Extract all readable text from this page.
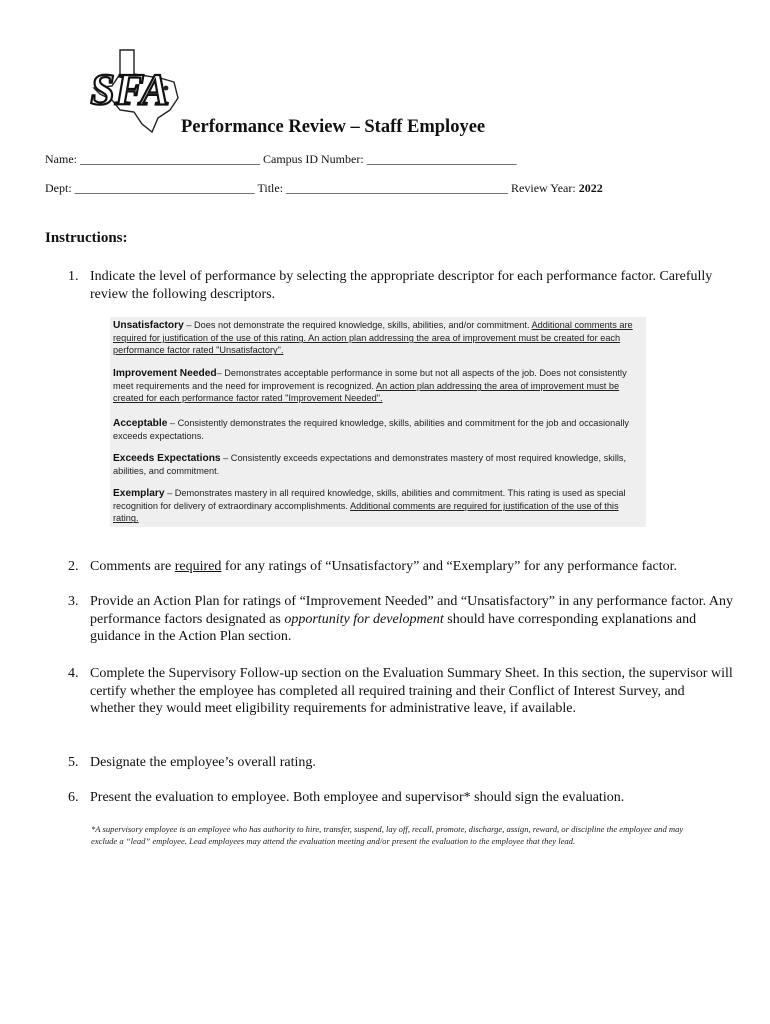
SFA
Performance Review – Staff Employee
Name: ______________________________ Campus ID Number: _________________________
Dept: ______________________________ Title: _____________________________________ Review Year: 2022
Instructions:
1. Indicate the level of performance by selecting the appropriate descriptor for each performance factor. Carefully review the following descriptors.
Unsatisfactory – Does not demonstrate the required knowledge, skills, abilities, and/or commitment. Additional comments are required for justification of the use of this rating. An action plan addressing the area of improvement must be created for each performance factor rated "Unsatisfactory".
Improvement Needed– Demonstrates acceptable performance in some but not all aspects of the job. Does not consistently meet requirements and the need for improvement is recognized. An action plan addressing the area of improvement must be created for each performance factor rated "Improvement Needed".
Acceptable – Consistently demonstrates the required knowledge, skills, abilities and commitment for the job and occasionally exceeds expectations.
Exceeds Expectations – Consistently exceeds expectations and demonstrates mastery of most required knowledge, skills, abilities, and commitment.
Exemplary – Demonstrates mastery in all required knowledge, skills, abilities and commitment. This rating is used as special recognition for delivery of extraordinary accomplishments. Additional comments are required for justification of the use of this rating.
2. Comments are required for any ratings of “Unsatisfactory” and “Exemplary” for any performance factor.
3. Provide an Action Plan for ratings of “Improvement Needed” and “Unsatisfactory” in any performance factor. Any performance factors designated as opportunity for development should have corresponding explanations and guidance in the Action Plan section.
4. Complete the Supervisory Follow-up section on the Evaluation Summary Sheet. In this section, the supervisor will certify whether the employee has completed all required training and their Conflict of Interest Survey, and whether they would meet eligibility requirements for administrative leave, if available.
5. Designate the employee’s overall rating.
6. Present the evaluation to employee. Both employee and supervisor* should sign the evaluation.
*A supervisory employee is an employee who has authority to hire, transfer, suspend, lay off, recall, promote, discharge, assign, reward, or discipline the employee and may exclude a “lead” employee. Lead employees may attend the evaluation meeting and/or present the evaluation to the employee that they lead.
